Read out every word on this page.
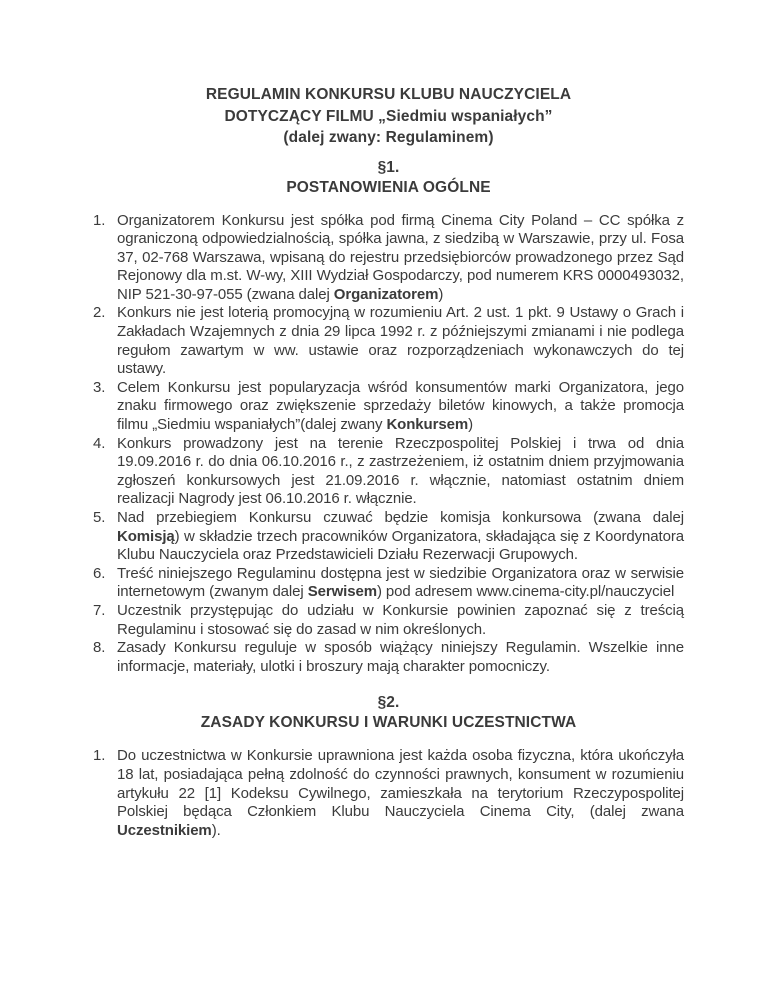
REGULAMIN KONKURSU KLUBU NAUCZYCIELA
DOTYCZĄCY FILMU „Siedmiu wspaniałych”
(dalej zwany: Regulaminem)
§1.
POSTANOWIENIA OGÓLNE
1. Organizatorem Konkursu jest spółka pod firmą Cinema City Poland – CC spółka z ograniczoną odpowiedzialnością, spółka jawna, z siedzibą w Warszawie, przy ul. Fosa 37, 02-768 Warszawa, wpisaną do rejestru przedsiębiorców prowadzonego przez Sąd Rejonowy dla m.st. W-wy, XIII Wydział Gospodarczy, pod numerem KRS 0000493032, NIP 521-30-97-055 (zwana dalej Organizatorem)
2. Konkurs nie jest loterią promocyjną w rozumieniu Art. 2 ust. 1 pkt. 9 Ustawy o Grach i Zakładach Wzajemnych z dnia 29 lipca 1992 r. z późniejszymi zmianami i nie podlega regułom zawartym w ww. ustawie oraz rozporządzeniach wykonawczych do tej ustawy.
3. Celem Konkursu jest popularyzacja wśród konsumentów marki Organizatora, jego znaku firmowego oraz zwiększenie sprzedaży biletów kinowych, a także promocja filmu „Siedmiu wspaniałych”(dalej zwany Konkursem)
4. Konkurs prowadzony jest na terenie Rzeczpospolitej Polskiej i trwa od dnia 19.09.2016 r. do dnia 06.10.2016 r., z zastrzeżeniem, iż ostatnim dniem przyjmowania zgłoszeń konkursowych jest 21.09.2016 r. włącznie, natomiast ostatnim dniem realizacji Nagrody jest 06.10.2016 r. włącznie.
5. Nad przebiegiem Konkursu czuwać będzie komisja konkursowa (zwana dalej Komisją) w składzie trzech pracowników Organizatora, składająca się z Koordynatora Klubu Nauczyciela oraz Przedstawicieli Działu Rezerwacji Grupowych.
6. Treść niniejszego Regulaminu dostępna jest w siedzibie Organizatora oraz w serwisie internetowym (zwanym dalej Serwisem) pod adresem www.cinema-city.pl/nauczyciel
7. Uczestnik przystępując do udziału w Konkursie powinien zapoznać się z treścią Regulaminu i stosować się do zasad w nim określonych.
8. Zasady Konkursu reguluje w sposób wiążący niniejszy Regulamin. Wszelkie inne informacje, materiały, ulotki i broszury mają charakter pomocniczy.
§2.
ZASADY KONKURSU I WARUNKI UCZESTNICTWA
1. Do uczestnictwa w Konkursie uprawniona jest każda osoba fizyczna, która ukończyła 18 lat, posiadająca pełną zdolność do czynności prawnych, konsument w rozumieniu artykułu 22 [1] Kodeksu Cywilnego, zamieszkała na terytorium Rzeczypospolitej Polskiej będąca Członkiem Klubu Nauczyciela Cinema City, (dalej zwana Uczestnikiem).
